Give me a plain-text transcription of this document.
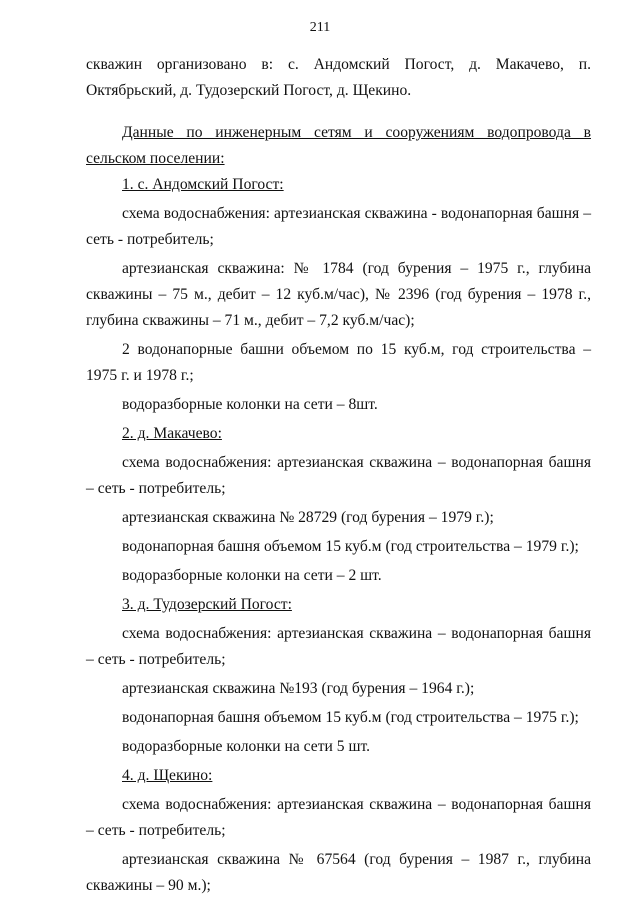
211

скважин организовано в: с. Андомский Погост, д. Макачево, п. Октябрьский, д. Тудозерский Погост, д. Щекино.

Данные по инженерным сетям и сооружениям водопровода в сельском поселении:

1. с. Андомский Погост:

схема водоснабжения: артезианская скважина - водонапорная башня – сеть - потребитель;

артезианская скважина: № 1784 (год бурения – 1975 г., глубина скважины – 75 м., дебит – 12 куб.м/час), № 2396 (год бурения – 1978 г., глубина скважины – 71 м., дебит – 7,2 куб.м/час);

2 водонапорные башни объемом по 15 куб.м, год строительства – 1975 г. и 1978 г.;

водоразборные колонки на сети – 8шт.

2. д. Макачево:

схема водоснабжения: артезианская скважина – водонапорная башня – сеть - потребитель;

артезианская скважина № 28729 (год бурения – 1979 г.);

водонапорная башня объемом 15 куб.м (год строительства – 1979 г.);

водоразборные колонки на сети – 2 шт.

3. д. Тудозерский Погост:

схема водоснабжения: артезианская скважина – водонапорная башня – сеть - потребитель;

артезианская скважина №193 (год бурения – 1964 г.);

водонапорная башня объемом 15 куб.м (год строительства – 1975 г.);

водоразборные колонки на сети 5 шт.

4. д. Щекино:

схема водоснабжения: артезианская скважина – водонапорная башня – сеть - потребитель;

артезианская скважина № 67564 (год бурения – 1987 г., глубина скважины – 90 м.);
